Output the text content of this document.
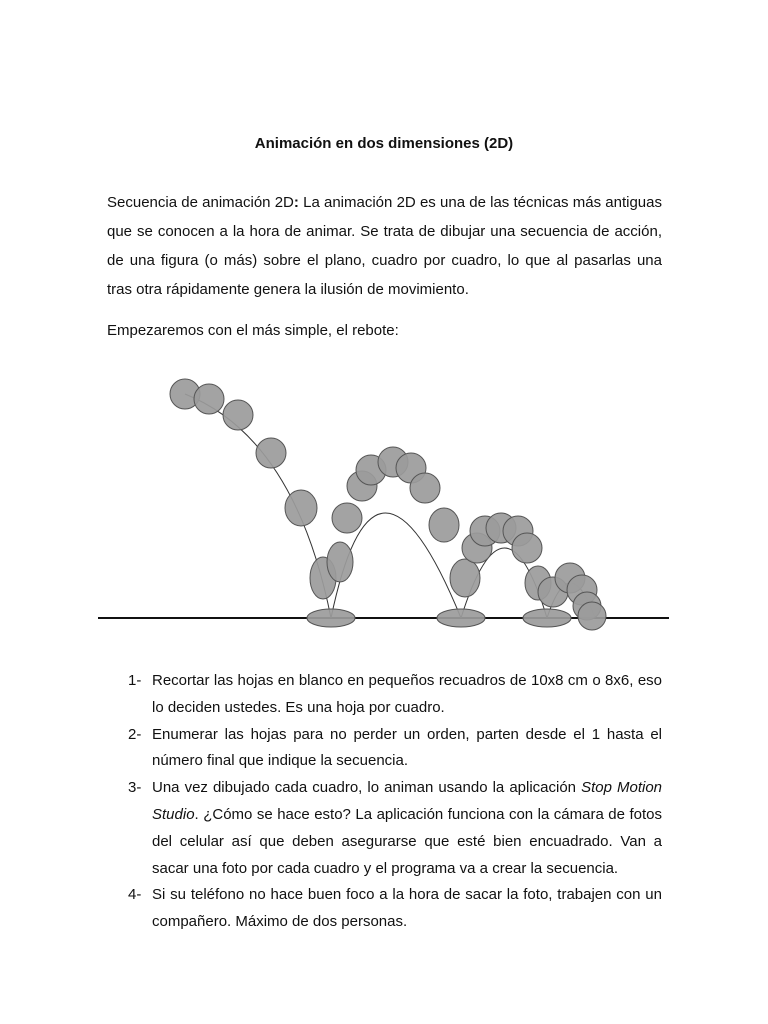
Animación en dos dimensiones (2D)

Secuencia de animación 2D: La animación 2D es una de las técnicas más antiguas que se conocen a la hora de animar. Se trata de dibujar una secuencia de acción, de una figura (o más) sobre el plano, cuadro por cuadro, lo que al pasarlas una tras otra rápidamente genera la ilusión de movimiento.

Empezaremos con el más simple, el rebote:

1- Recortar las hojas en blanco en pequeños recuadros de 10x8 cm o 8x6, eso lo deciden ustedes. Es una hoja por cuadro.
2- Enumerar las hojas para no perder un orden, parten desde el 1 hasta el número final que indique la secuencia.
3- Una vez dibujado cada cuadro, lo animan usando la aplicación Stop Motion Studio. ¿Cómo se hace esto? La aplicación funciona con la cámara de fotos del celular así que deben asegurarse que esté bien encuadrado. Van a sacar una foto por cada cuadro y el programa va a crear la secuencia.
4- Si su teléfono no hace buen foco a la hora de sacar la foto, trabajen con un compañero. Máximo de dos personas.
